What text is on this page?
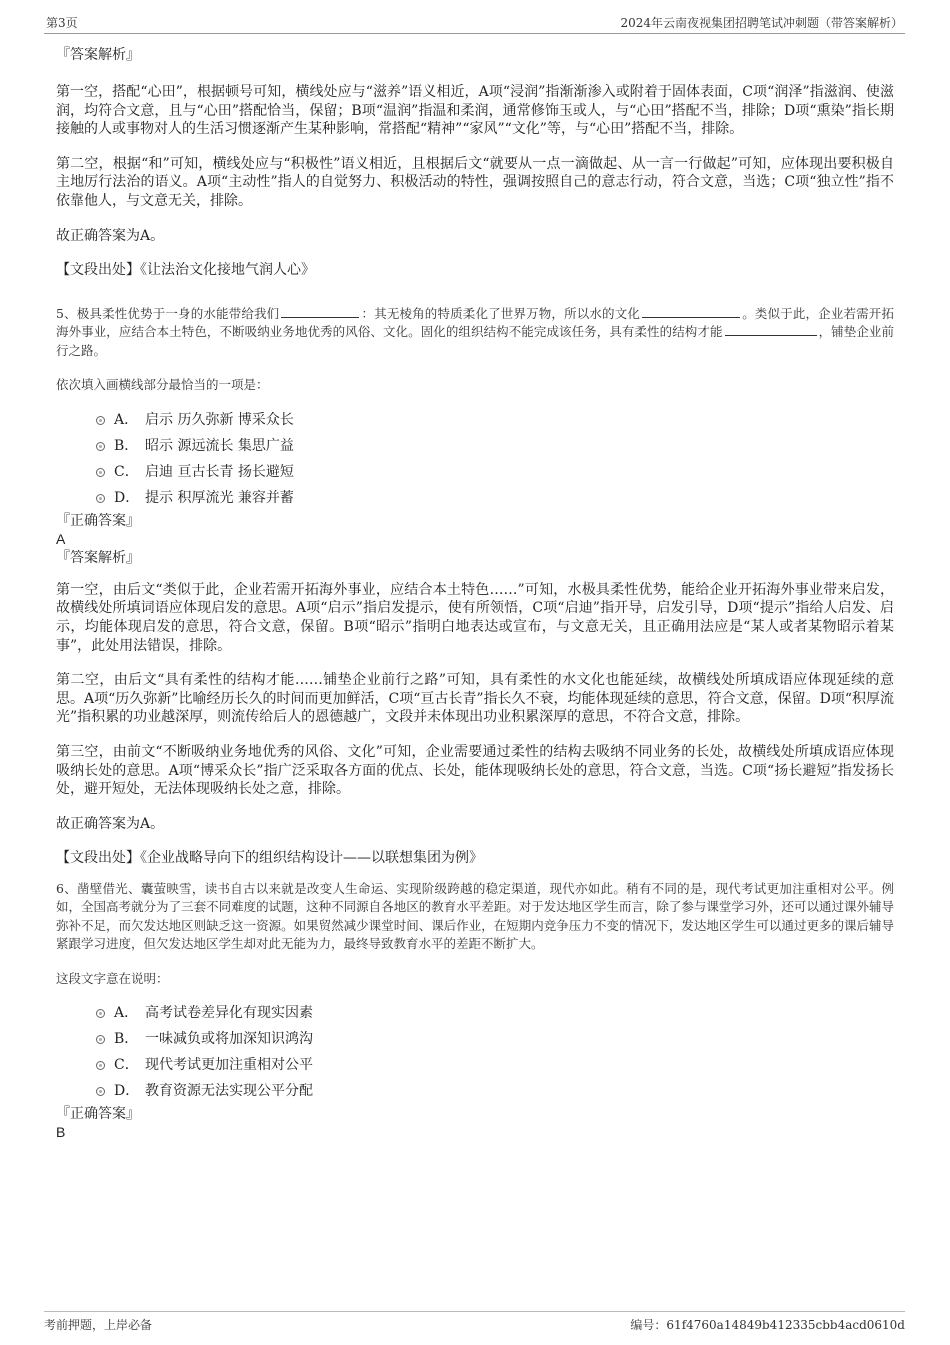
第3页	2024年云南夜视集团招聘笔试冲刺题（带答案解析）

『答案解析』

第一空，搭配“心田”，根据顿号可知，横线处应与“滋养”语义相近，A项“浸润”指渐渐渗入或附着于固体表面，C项“润泽”指滋润、使滋润，均符合文意，且与“心田”搭配恰当，保留；B项“温润”指温和柔润，通常修饰玉或人，与“心田”搭配不当，排除；D项“熏染”指长期接触的人或事物对人的生活习惯逐渐产生某种影响，常搭配“精神”“家风”“文化”等，与“心田”搭配不当，排除。

第二空，根据“和”可知，横线处应与“积极性”语义相近，且根据后文“就要从一点一滴做起、从一言一行做起”可知，应体现出要积极自主地厉行法治的语义。A项“主动性”指人的自觉努力、积极活动的特性，强调按照自己的意志行动，符合文意，当选；C项“独立性”指不依靠他人，与文意无关，排除。

故正确答案为A。

【文段出处】《让法治文化接地气润人心》

5、极具柔性优势于一身的水能带给我们	：其无棱角的特质柔化了世界万物，所以水的文化	。类似于此，企业若需开拓海外事业，应结合本土特色，不断吸纳业务地优秀的风俗、文化。固化的组织结构不能完成该任务，具有柔性的结构才能	，铺垫企业前行之路。

依次填入画横线部分最恰当的一项是：

A． 启示 历久弥新 博采众长
B． 昭示 源远流长 集思广益
C． 启迪 亘古长青 扬长避短
D． 提示 积厚流光 兼容并蓄

『正确答案』

A

『答案解析』

第一空，由后文“类似于此，企业若需开拓海外事业，应结合本土特色……”可知，水极具柔性优势，能给企业开拓海外事业带来启发，故横线处所填词语应体现启发的意思。A项“启示”指启发提示，使有所领悟，C项“启迪”指开导，启发引导，D项“提示”指给人启发、启示，均能体现启发的意思，符合文意，保留。B项“昭示”指明白地表达或宣布，与文意无关，且正确用法应是“某人或者某物昭示着某事”，此处用法错误，排除。

第二空，由后文“具有柔性的结构才能……铺垫企业前行之路”可知，具有柔性的水文化也能延续，故横线处所填成语应体现延续的意思。A项“历久弥新”比喻经历长久的时间而更加鲜活，C项“亘古长青”指长久不衰，均能体现延续的意思，符合文意，保留。D项“积厚流光”指积累的功业越深厚，则流传给后人的恩德越广，文段并未体现出功业积累深厚的意思，不符合文意，排除。

第三空，由前文“不断吸纳业务地优秀的风俗、文化”可知，企业需要通过柔性的结构去吸纳不同业务的长处，故横线处所填成语应体现吸纳长处的意思。A项“博采众长”指广泛采取各方面的优点、长处，能体现吸纳长处的意思，符合文意，当选。C项“扬长避短”指发扬长处，避开短处，无法体现吸纳长处之意，排除。

故正确答案为A。

【文段出处】《企业战略导向下的组织结构设计——以联想集团为例》

6、凿壁借光、囊萤映雪，读书自古以来就是改变人生命运、实现阶级跨越的稳定渠道，现代亦如此。稍有不同的是，现代考试更加注重相对公平。例如，全国高考就分为了三套不同难度的试题，这种不同源自各地区的教育水平差距。对于发达地区学生而言，除了参与课堂学习外，还可以通过课外辅导弥补不足，而欠发达地区则缺乏这一资源。如果贸然减少课堂时间、课后作业，在短期内竞争压力不变的情况下，发达地区学生可以通过更多的课后辅导紧跟学习进度，但欠发达地区学生却对此无能为力，最终导致教育水平的差距不断扩大。

这段文字意在说明：

A． 高考试卷差异化有现实因素
B． 一味减负或将加深知识鸿沟
C． 现代考试更加注重相对公平
D． 教育资源无法实现公平分配

『正确答案』

B

考前押题，上岸必备	编号：61f4760a14849b412335cbb4acd0610d
